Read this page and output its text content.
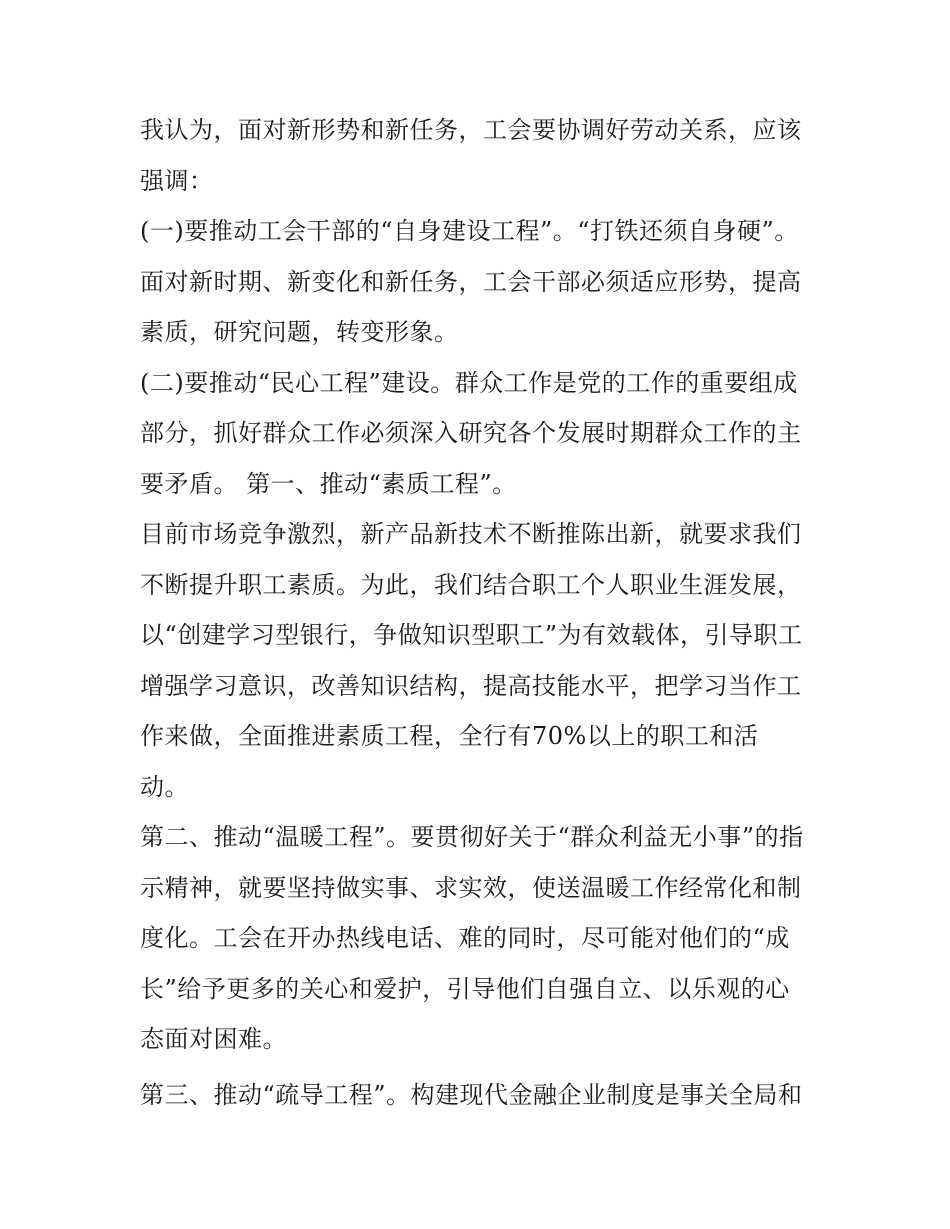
我认为，面对新形势和新任务，工会要协调好劳动关系，应该
强调：
(一)要推动工会干部的“自身建设工程”。“打铁还须自身硬”。
面对新时期、新变化和新任务，工会干部必须适应形势，提高
素质，研究问题，转变形象。
(二)要推动“民心工程”建设。群众工作是党的工作的重要组成
部分，抓好群众工作必须深入研究各个发展时期群众工作的主
要矛盾。 第一、推动“素质工程”。
目前市场竞争激烈，新产品新技术不断推陈出新，就要求我们
不断提升职工素质。为此，我们结合职工个人职业生涯发展，
以“创建学习型银行，争做知识型职工”为有效载体，引导职工
增强学习意识，改善知识结构，提高技能水平，把学习当作工
作来做，全面推进素质工程，全行有70%以上的职工和活
动。
第二、推动“温暖工程”。要贯彻好关于“群众利益无小事”的指
示精神，就要坚持做实事、求实效，使送温暖工作经常化和制
度化。工会在开办热线电话、难的同时，尽可能对他们的“成
长”给予更多的关心和爱护，引导他们自强自立、以乐观的心
态面对困难。
第三、推动“疏导工程”。构建现代金融企业制度是事关全局和
